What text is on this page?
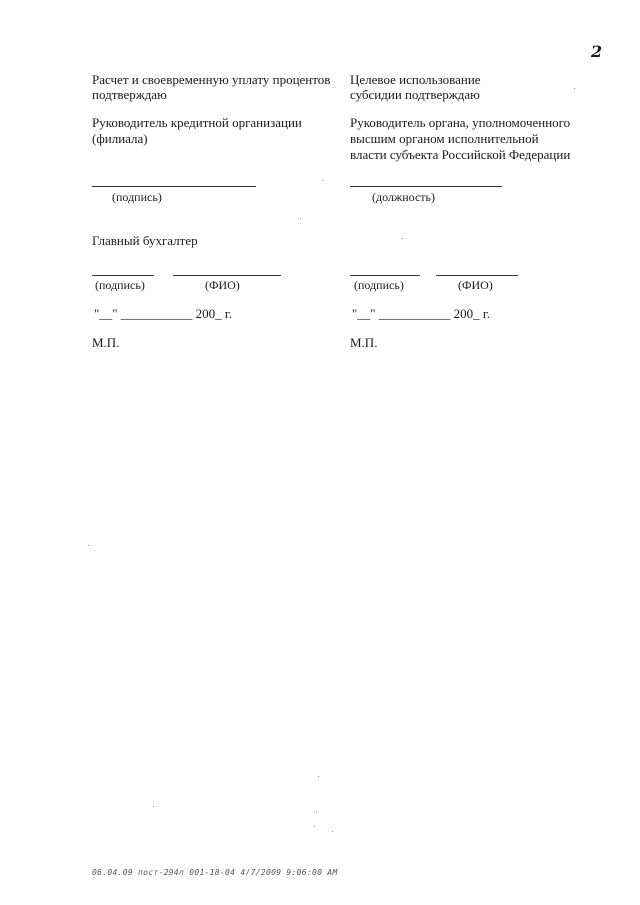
2
Расчет и своевременную уплату процентов
подтверждаю
Руководитель кредитной организации
(филиала)
(подпись)
Главный бухгалтер
(подпись)	(ФИО)
"__" ___________ 200_ г.
М.П.
Целевое использование
субсидии подтверждаю
Руководитель органа, уполномоченного
высшим органом исполнительной
власти субъекта Российской Федерации
(должность)
(подпись)	(ФИО)
"__" ___________ 200_ г.
М.П.
06.04.09 пост-294п 001-18-04 4/7/2009 9:06:00 AM
